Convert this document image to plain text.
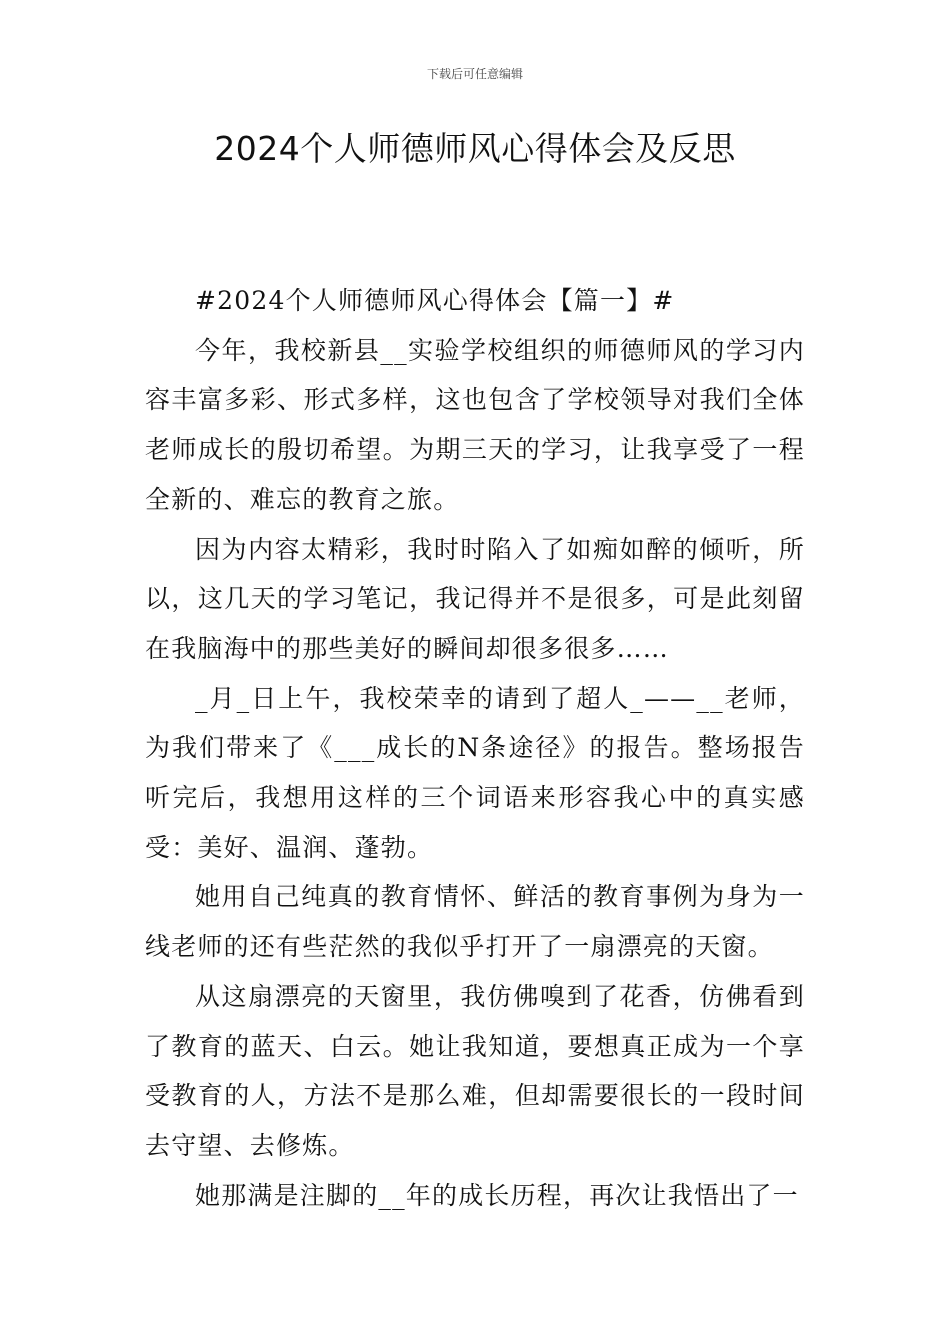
下载后可任意编辑
2024个人师德师风心得体会及反思

#2024个人师德师风心得体会【篇一】#

今年，我校新县__实验学校组织的师德师风的学习内容丰富多彩、形式多样，这也包含了学校领导对我们全体老师成长的殷切希望。为期三天的学习，让我享受了一程全新的、难忘的教育之旅。

因为内容太精彩，我时时陷入了如痴如醉的倾听，所以，这几天的学习笔记，我记得并不是很多，可是此刻留在我脑海中的那些美好的瞬间却很多很多……

_月_日上午，我校荣幸的请到了超人_——__老师，为我们带来了《___成长的N条途径》的报告。整场报告听完后，我想用这样的三个词语来形容我心中的真实感受：美好、温润、蓬勃。

她用自己纯真的教育情怀、鲜活的教育事例为身为一线老师的还有些茫然的我似乎打开了一扇漂亮的天窗。

从这扇漂亮的天窗里，我仿佛嗅到了花香，仿佛看到了教育的蓝天、白云。她让我知道，要想真正成为一个享受教育的人，方法不是那么难，但却需要很长的一段时间去守望、去修炼。

她那满是注脚的__年的成长历程，再次让我悟出了一
